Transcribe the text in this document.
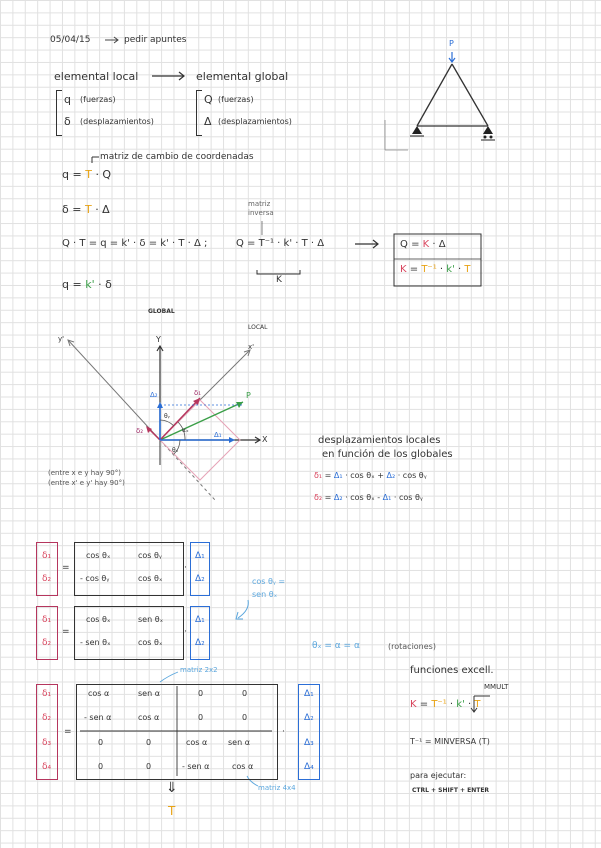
05/04/15	pedir apuntes
elemental local	elemental global
q (fuerzas)
δ (desplazamientos)
Q (fuerzas)
Δ (desplazamientos)
P
matriz de cambio de coordenadas
q = T · Q
δ = T · Δ	matriz
inversa
Q · T = q = k' · δ = k' · T · Δ ;	Q = T⁻¹ · k' · T · Δ
K
q = k' · δ
Q = K · Δ
K = T⁻¹ · k' · T
GLOBAL
LOCAL
Y
X
y'
x'
P
δ₁
δ₂	Δ₁
Δ₂
αₓ
θᵧ
θₓ
(entre x e y hay 90°)
(entre x' e y' hay 90°)
desplazamientos locales
en función de los globales
δ₁ = Δ₁ · cos θₓ + Δ₂ · cos θᵧ
δ₂ = Δ₂ · cos θₓ - Δ₁ · cos θᵧ
δ₁
δ₂
=
cos θₓ	cos θᵧ
- cos θᵧ	cos θₓ
·
Δ₁
Δ₂	cos θᵧ =
sen θₓ
δ₁
δ₂
=
cos θₓ	sen θₓ
- sen θₓ	cos θₓ
·
Δ₁
Δ₂	θₓ = α = α	(rotaciones)
matriz 2x2
δ₁
δ₂
δ₃
δ₄
=
cos α	sen α	0	0
- sen α	cos α	0	0
0	0	cos α	sen α
0	0	- sen α	cos α
·
Δ₁
Δ₂
Δ₃
Δ₄
matriz 4x4
⇓
T
funciones excell.
MMULT
K = T⁻¹ · k' · T
T⁻¹ = MINVERSA (T)
para ejecutar:
CTRL + SHIFT + ENTER
